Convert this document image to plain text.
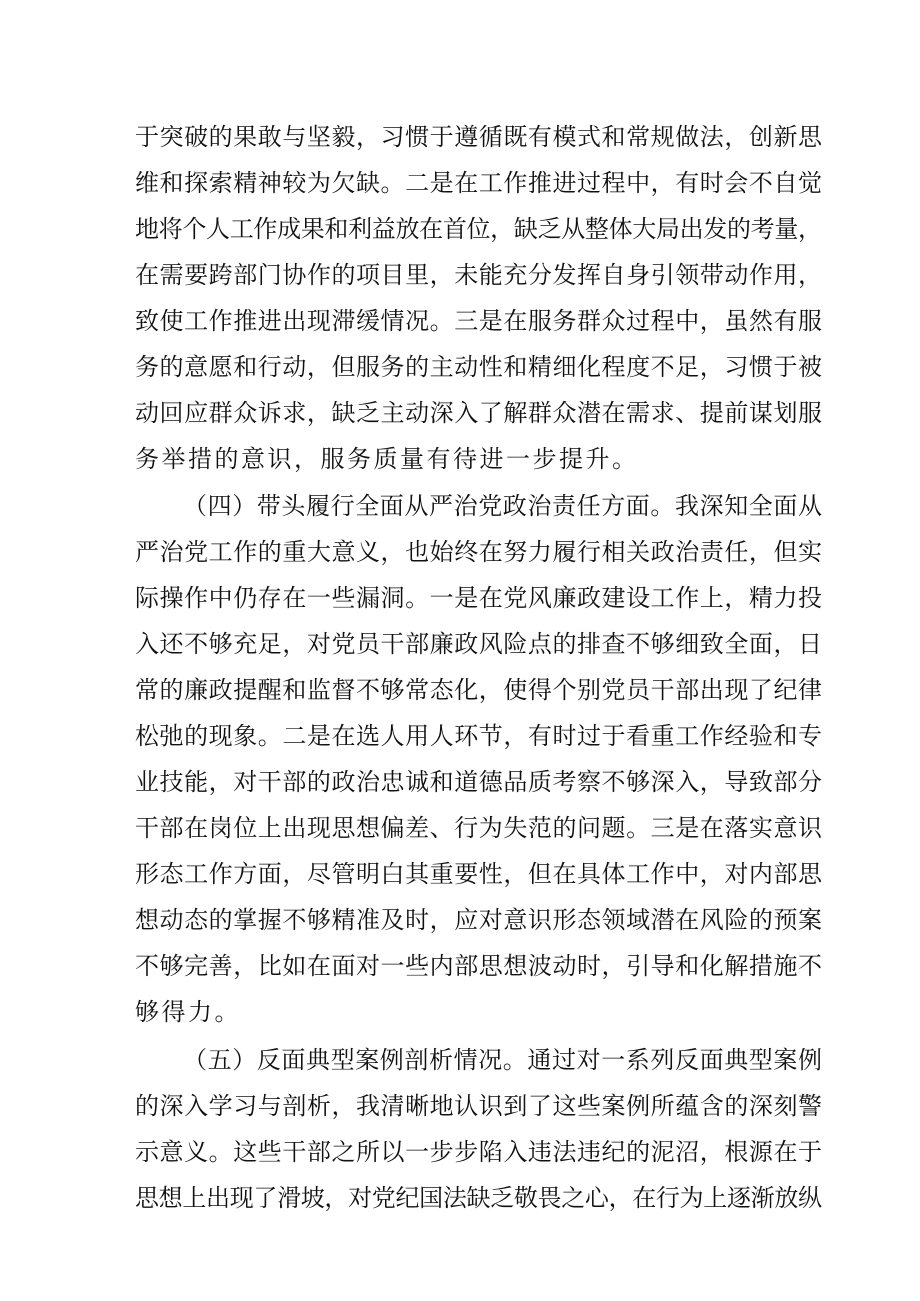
于突破的果敢与坚毅，习惯于遵循既有模式和常规做法，创新思
维和探索精神较为欠缺。二是在工作推进过程中，有时会不自觉
地将个人工作成果和利益放在首位，缺乏从整体大局出发的考量，
在需要跨部门协作的项目里，未能充分发挥自身引领带动作用，
致使工作推进出现滞缓情况。三是在服务群众过程中，虽然有服
务的意愿和行动，但服务的主动性和精细化程度不足，习惯于被
动回应群众诉求，缺乏主动深入了解群众潜在需求、提前谋划服
务举措的意识，服务质量有待进一步提升。
（四）带头履行全面从严治党政治责任方面。我深知全面从
严治党工作的重大意义，也始终在努力履行相关政治责任，但实
际操作中仍存在一些漏洞。一是在党风廉政建设工作上，精力投
入还不够充足，对党员干部廉政风险点的排查不够细致全面，日
常的廉政提醒和监督不够常态化，使得个别党员干部出现了纪律
松弛的现象。二是在选人用人环节，有时过于看重工作经验和专
业技能，对干部的政治忠诚和道德品质考察不够深入，导致部分
干部在岗位上出现思想偏差、行为失范的问题。三是在落实意识
形态工作方面，尽管明白其重要性，但在具体工作中，对内部思
想动态的掌握不够精准及时，应对意识形态领域潜在风险的预案
不够完善，比如在面对一些内部思想波动时，引导和化解措施不
够得力。
（五）反面典型案例剖析情况。通过对一系列反面典型案例
的深入学习与剖析，我清晰地认识到了这些案例所蕴含的深刻警
示意义。这些干部之所以一步步陷入违法违纪的泥沼，根源在于
思想上出现了滑坡，对党纪国法缺乏敬畏之心，在行为上逐渐放纵
